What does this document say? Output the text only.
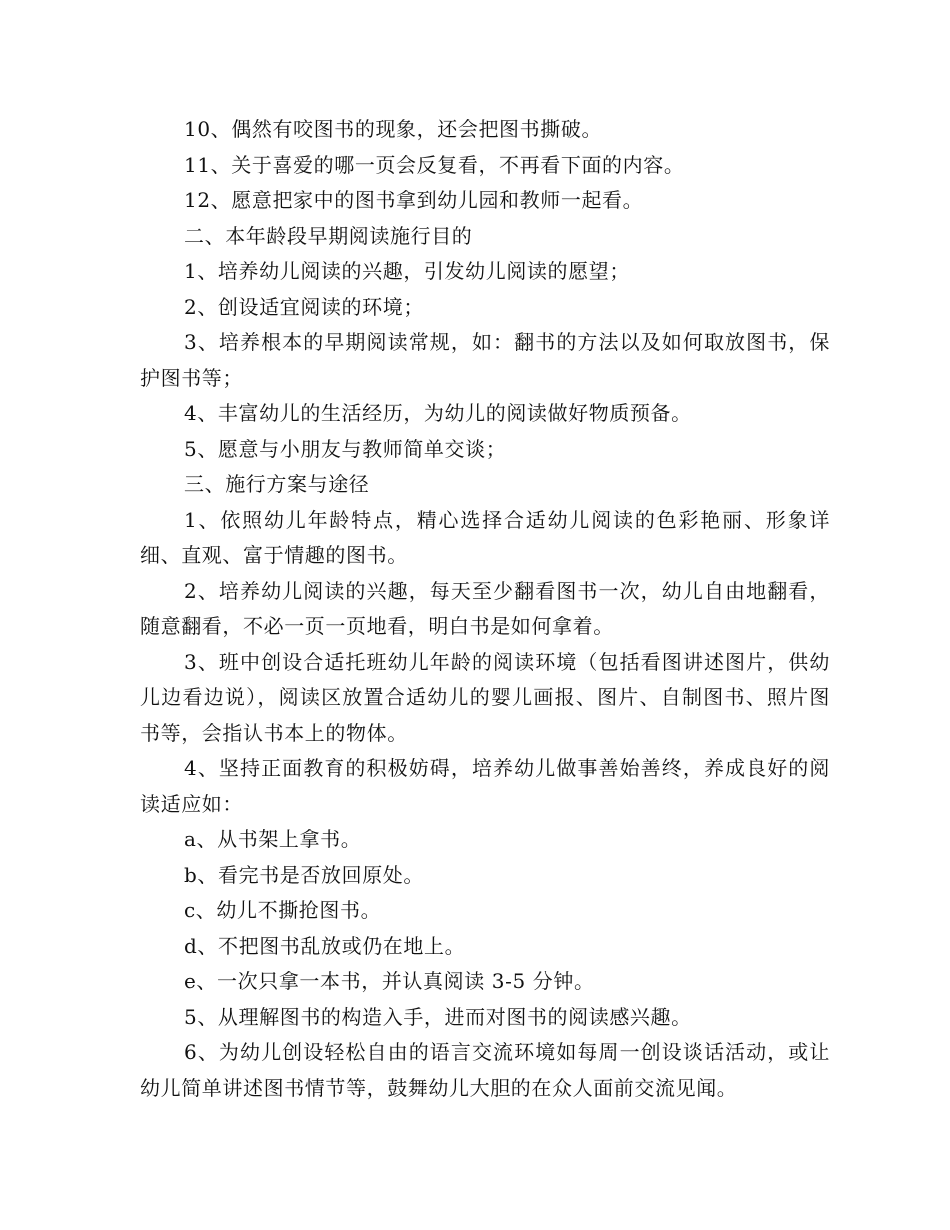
10、偶然有咬图书的现象，还会把图书撕破。

11、关于喜爱的哪一页会反复看，不再看下面的内容。

12、愿意把家中的图书拿到幼儿园和教师一起看。

二、本年龄段早期阅读施行目的

1、培养幼儿阅读的兴趣，引发幼儿阅读的愿望；

2、创设适宜阅读的环境；

3、培养根本的早期阅读常规，如：翻书的方法以及如何取放图书，保护图书等；

4、丰富幼儿的生活经历，为幼儿的阅读做好物质预备。

5、愿意与小朋友与教师简单交谈；

三、施行方案与途径

1、依照幼儿年龄特点，精心选择合适幼儿阅读的色彩艳丽、形象详细、直观、富于情趣的图书。

2、培养幼儿阅读的兴趣，每天至少翻看图书一次，幼儿自由地翻看，随意翻看，不必一页一页地看，明白书是如何拿着。

3、班中创设合适托班幼儿年龄的阅读环境（包括看图讲述图片，供幼儿边看边说），阅读区放置合适幼儿的婴儿画报、图片、自制图书、照片图书等，会指认书本上的物体。

4、坚持正面教育的积极妨碍，培养幼儿做事善始善终，养成良好的阅读适应如：

a、从书架上拿书。

b、看完书是否放回原处。

c、幼儿不撕抢图书。

d、不把图书乱放或仍在地上。

e、一次只拿一本书，并认真阅读 3-5 分钟。

5、从理解图书的构造入手，进而对图书的阅读感兴趣。

6、为幼儿创设轻松自由的语言交流环境如每周一创设谈话活动，或让幼儿简单讲述图书情节等，鼓舞幼儿大胆的在众人面前交流见闻。
